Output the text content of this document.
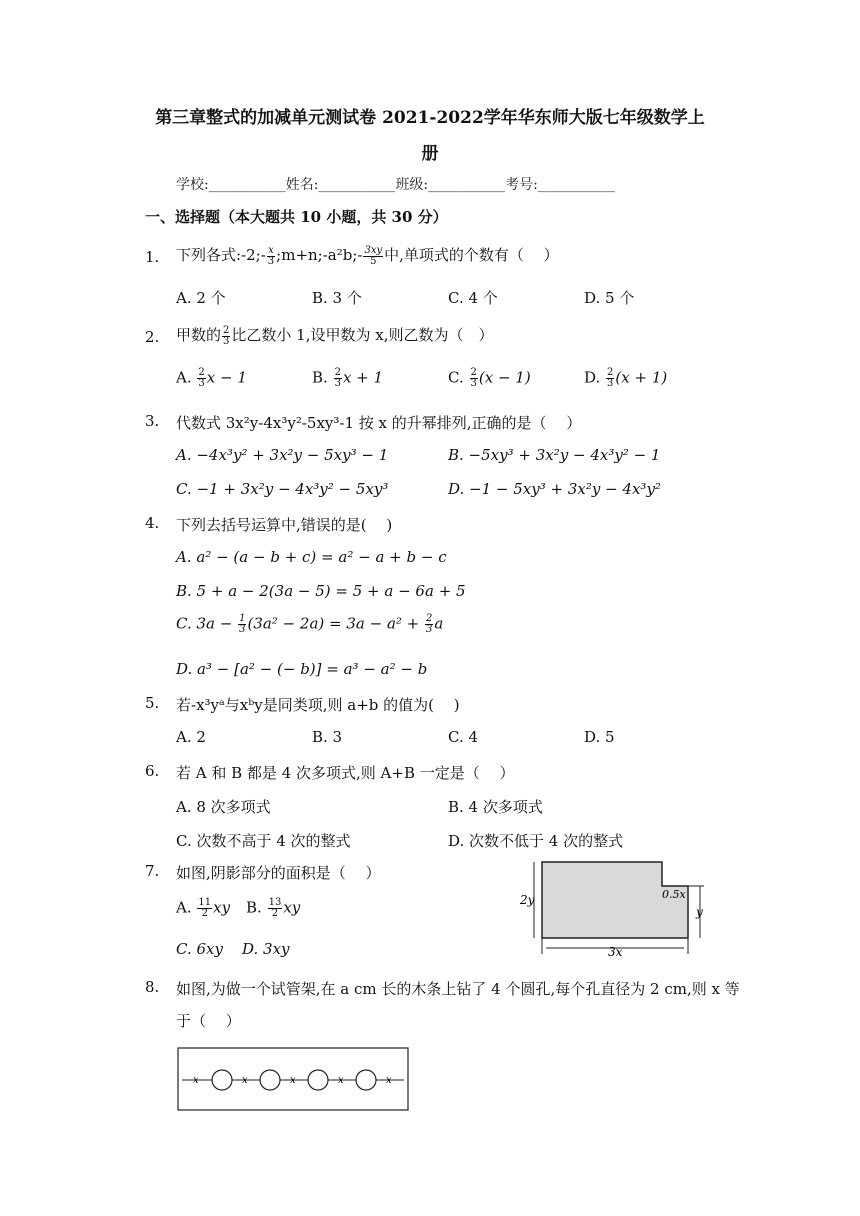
第三章整式的加减单元测试卷 2021-2022学年华东师大版七年级数学上
册
学校:___________姓名:___________班级:___________考号:___________
一、选择题（本大题共 10 小题，共 30 分）
1. 下列各式:-2;- $\frac{x}{3}$ ;m+n;-a²b;- $\frac{3xy}{5}$ 中,单项式的个数有（　 ）
A. 2 个	B. 3 个	C. 4 个	D. 5 个
2. 甲数的 $\frac{2}{3}$ 比乙数小 1,设甲数为 x,则乙数为（　）
A. $\frac{2}{3}$ x − 1	B. $\frac{2}{3}$ x + 1	C. $\frac{2}{3} (x - 1)$	D. $\frac{2}{3} (x + 1)$
3. 代数式 3x²y-4x³y²-5xy³-1 按 x 的升幂排列,正确的是（　 ）
A. −4x³y² + 3x²y − 5xy³ − 1	B. −5xy³ + 3x²y − 4x³y² − 1
C. −1 + 3x²y − 4x³y² − 5xy³	D. −1 − 5xy³ + 3x²y − 4x³y²
4. 下列去括号运算中,错误的是(　 )
A. a² − (a − b + c) = a² − a + b − c
B. 5 + a − 2(3a − 5) = 5 + a − 6a + 5
C. $3a - \frac{1}{3} (3a^2 - 2a) = 3a - a^2 + \frac{2}{3}$ a
D. a³ − [a² − (− b)] = a³ − a² − b
5. 若-x³yᵃ与xᵇy是同类项,则 a+b 的值为(　 )
A. 2	B. 3	C. 4	D. 5
6. 若 A 和 B 都是 4 次多项式,则 A+B 一定是（　 ）
A. 8 次多项式	B. 4 次多项式
C. 次数不高于 4 次的整式	D. 次数不低于 4 次的整式
7. 如图,阴影部分的面积是（　 ）
A. $\frac{11}{2}$ xy B. $\frac{13}{2}$ xy
C. 6xy D. 3xy
2y	0.5x
y
3x
8. 如图,为做一个试管架,在 a cm 长的木条上钻了 4 个圆孔,每个孔直径为 2 cm,则 x 等
于（　 ）
x	x	x	x	x
